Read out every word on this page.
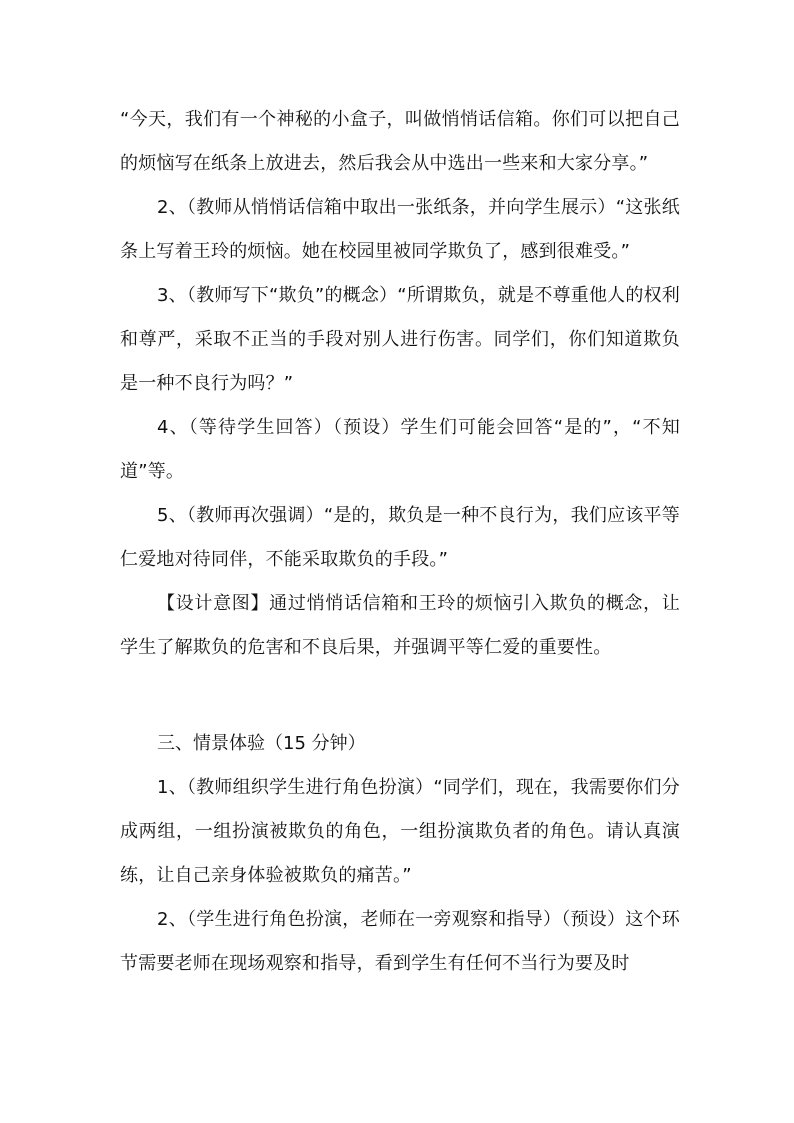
“今天，我们有一个神秘的小盒子，叫做悄悄话信箱。你们可以把自己的烦恼写在纸条上放进去，然后我会从中选出一些来和大家分享。”

2、（教师从悄悄话信箱中取出一张纸条，并向学生展示）“这张纸条上写着王玲的烦恼。她在校园里被同学欺负了，感到很难受。”

3、（教师写下“欺负”的概念）“所谓欺负，就是不尊重他人的权利和尊严，采取不正当的手段对别人进行伤害。同学们，你们知道欺负是一种不良行为吗？”

4、（等待学生回答）（预设）学生们可能会回答“是的”，“不知道”等。

5、（教师再次强调）“是的，欺负是一种不良行为，我们应该平等仁爱地对待同伴，不能采取欺负的手段。”

【设计意图】通过悄悄话信箱和王玲的烦恼引入欺负的概念，让学生了解欺负的危害和不良后果，并强调平等仁爱的重要性。

三、情景体验（15 分钟）

1、（教师组织学生进行角色扮演）“同学们，现在，我需要你们分成两组，一组扮演被欺负的角色，一组扮演欺负者的角色。请认真演练，让自己亲身体验被欺负的痛苦。”

2、（学生进行角色扮演，老师在一旁观察和指导）（预设）这个环节需要老师在现场观察和指导，看到学生有任何不当行为要及时
